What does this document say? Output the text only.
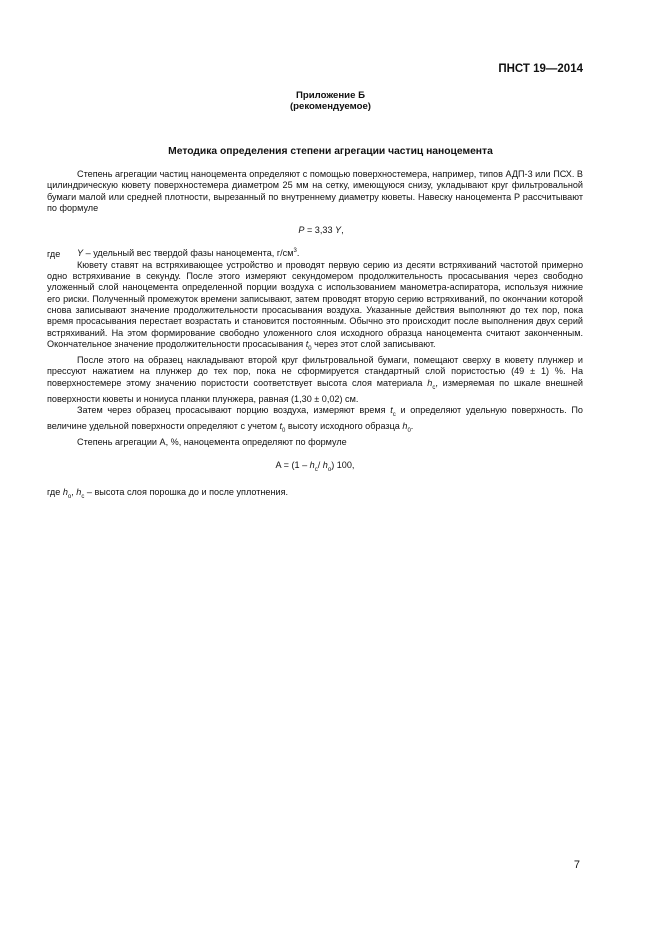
ПНСТ 19—2014
Приложение Б
(рекомендуемое)
Методика определения степени агрегации частиц наноцемента

Степень агрегации частиц наноцемента определяют с помощью поверхностемера, например, типов АДП-3 или ПСХ. В цилиндрическую кювету поверхностемера диаметром 25 мм на сетку, имеющуюся снизу, укладывают круг фильтровальной бумаги малой или средней плотности, вырезанный по внутреннему диаметру кюветы. Навеску наноцемента P рассчитывают по формуле

P = 3,33 Y,

где Y – удельный вес твердой фазы наноцемента, $г/см^3$.

Кювету ставят на встряхивающее устройство и проводят первую серию из десяти встряхиваний частотой примерно одно встряхивание в секунду. После этого измеряют секундомером продолжительность просасывания через свободно уложенный слой наноцемента определенной порции воздуха с использованием манометра-аспиратора, используя нижние его риски. Полученный промежуток времени записывают, затем проводят вторую серию встряхиваний, по окончании которой снова записывают значение продолжительности просасывания воздуха. Указанные действия выполняют до тех пор, пока время просасывания перестает возрастать и становится постоянным. Обычно это происходит после выполнения двух серий встряхиваний. На этом формирование свободно уложенного слоя исходного образца наноцемента считают законченным. Окончательное значение продолжительности просасывания $t_0$ через этот слой записывают.

После этого на образец накладывают второй круг фильтровальной бумаги, помещают сверху в кювету плунжер и прессуют нажатием на плунжер до тех пор, пока не сформируется стандартный слой пористостью (49 ± 1) %. На поверхностемере этому значению пористости соответствует высота слоя материала $h_c$, измеряемая по шкале внешней поверхности кюветы и нониуса планки плунжера, равная (1,30 ± 0,02) см.

Затем через образец просасывают порцию воздуха, измеряют время $t_c$ и определяют удельную поверхность. По величине удельной поверхности определяют с учетом $t_0$ высоту исходного образца $h_0$.

Степень агрегации A, %, наноцемента определяют по формуле

$A = (1 - h_c/$ $h_o$) 100,

где $h_o$, $h_c$ – высота слоя порошка до и после уплотнения.

7
